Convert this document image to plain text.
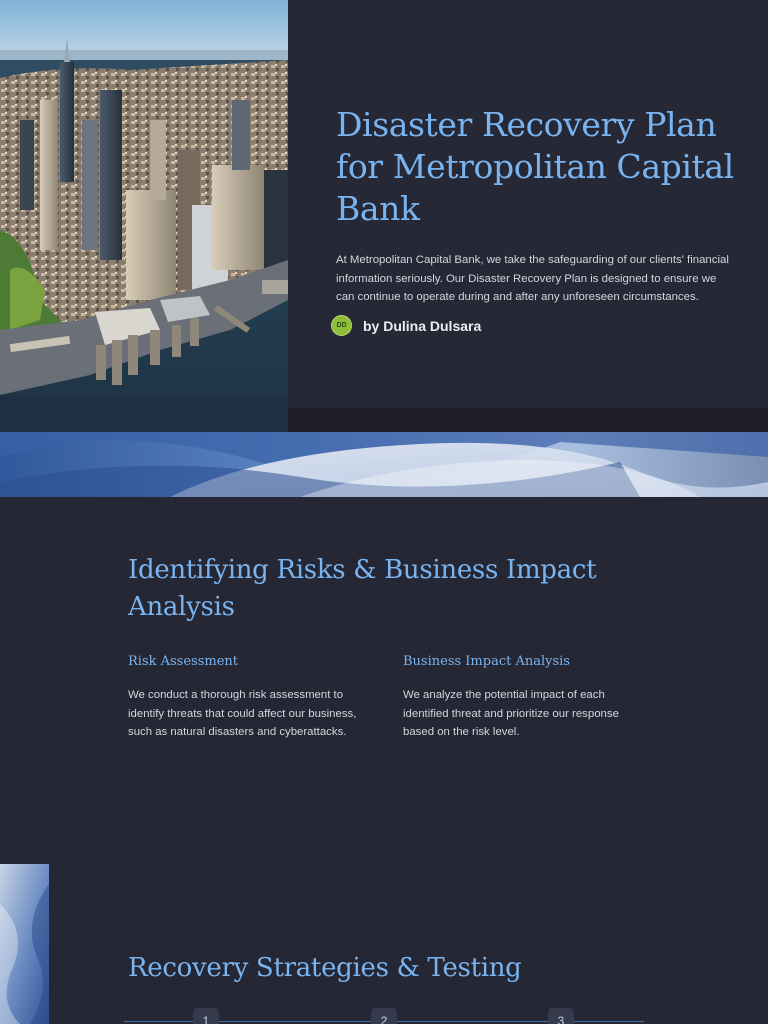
Disaster Recovery Plan for Metropolitan Capital Bank

At Metropolitan Capital Bank, we take the safeguarding of our clients' financial information seriously. Our Disaster Recovery Plan is designed to ensure we can continue to operate during and after any unforeseen circumstances.

DD	by Dulina Dulsara
Identifying Risks & Business Impact Analysis
Risk Assessment

We conduct a thorough risk assessment to identify threats that could affect our business, such as natural disasters and cyberattacks.

Business Impact Analysis

We analyze the potential impact of each identified threat and prioritize our response based on the risk level.

Recovery Strategies & Testing
1	2	3
